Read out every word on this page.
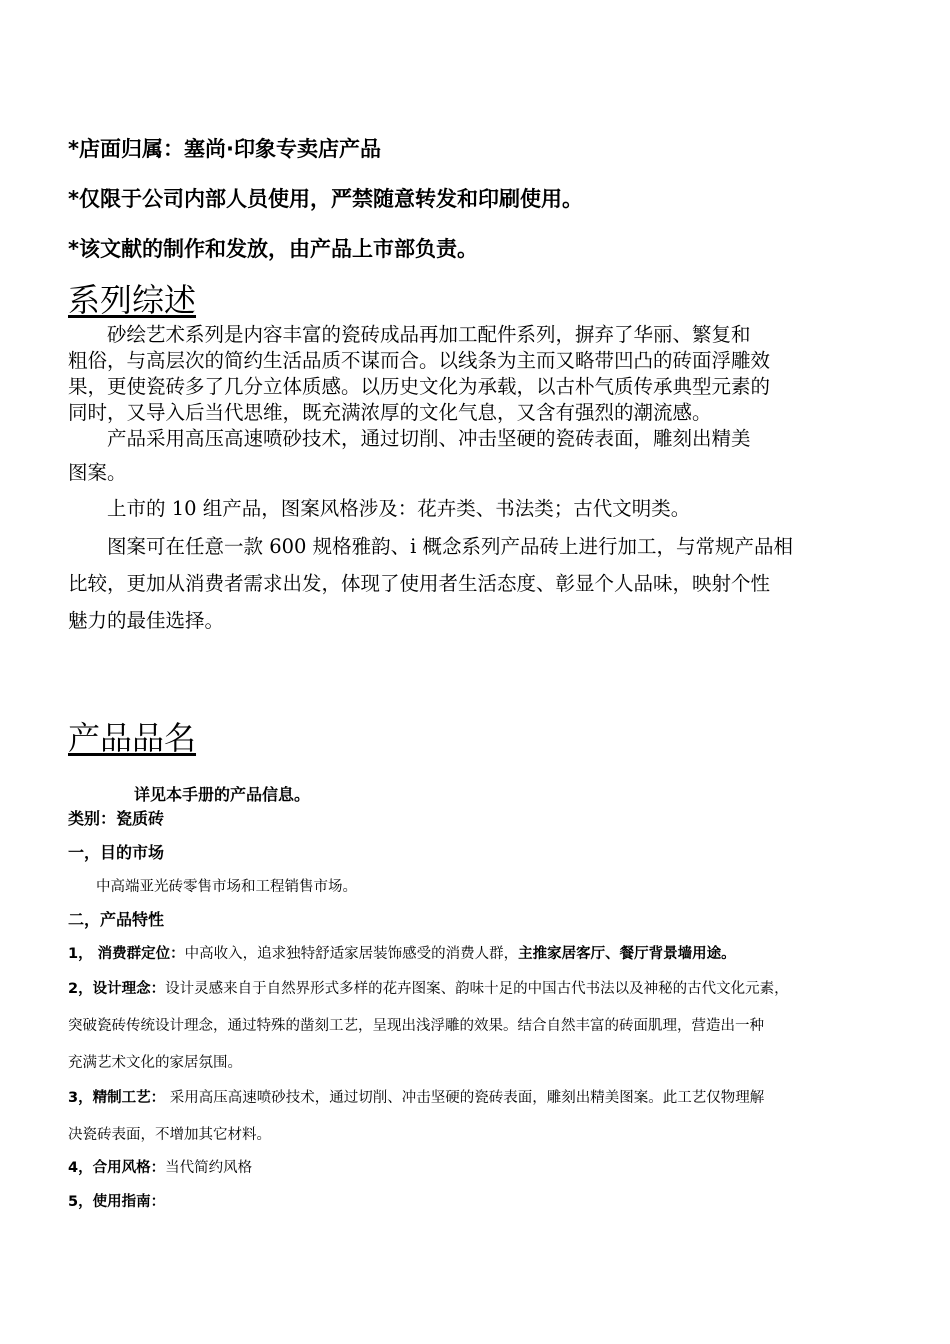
*店面归属：塞尚·印象专卖店产品
*仅限于公司内部人员使用，严禁随意转发和印刷使用。
*该文献的制作和发放，由产品上市部负责。
系列综述
　　砂绘艺术系列是内容丰富的瓷砖成品再加工配件系列，摒弃了华丽、繁复和
粗俗，与高层次的简约生活品质不谋而合。以线条为主而又略带凹凸的砖面浮雕效
果，更使瓷砖多了几分立体质感。以历史文化为承载，以古朴气质传承典型元素的
同时，又导入后当代思维，既充满浓厚的文化气息，又含有强烈的潮流感。
　　产品采用高压高速喷砂技术，通过切削、冲击坚硬的瓷砖表面，雕刻出精美
图案。
　　上市的 10 组产品，图案风格涉及：花卉类、书法类；古代文明类。
　　图案可在任意一款 600 规格雅韵、i 概念系列产品砖上进行加工，与常规产品相
比较，更加从消费者需求出发，体现了使用者生活态度、彰显个人品味，映射个性
魅力的最佳选择。
产品品名
详见本手册的产品信息。
类别：瓷质砖
一，目的市场
中高端亚光砖零售市场和工程销售市场。
二，产品特性
1， 消费群定位：中高收入，追求独特舒适家居装饰感受的消费人群，主推家居客厅、餐厅背景墙用途。
2，设计理念：设计灵感来自于自然界形式多样的花卉图案、韵味十足的中国古代书法以及神秘的古代文化元素，
突破瓷砖传统设计理念，通过特殊的凿刻工艺，呈现出浅浮雕的效果。结合自然丰富的砖面肌理，营造出一种
充满艺术文化的家居氛围。
3，精制工艺： 采用高压高速喷砂技术，通过切削、冲击坚硬的瓷砖表面，雕刻出精美图案。此工艺仅物理解
决瓷砖表面，不增加其它材料。
4，合用风格：当代简约风格
5，使用指南：
